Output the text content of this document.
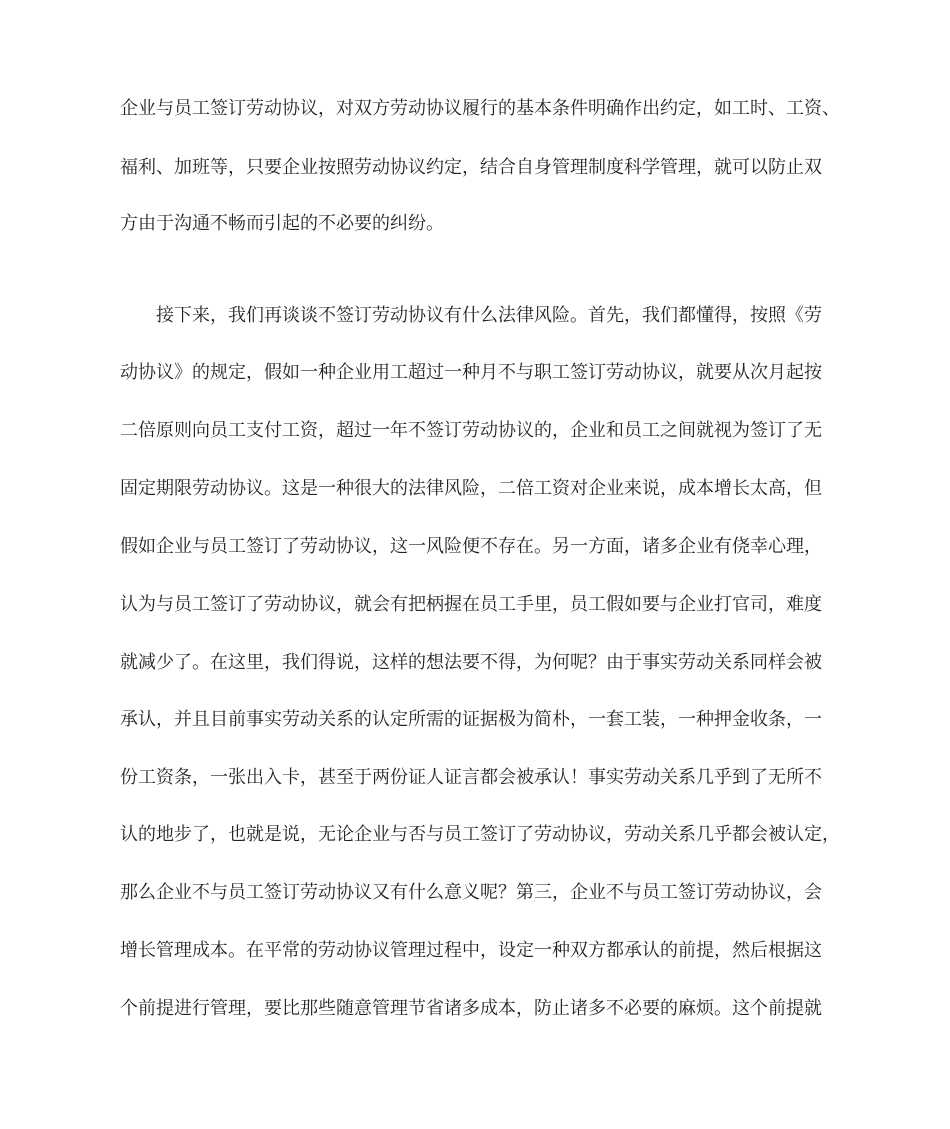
企业与员工签订劳动协议，对双方劳动协议履行的基本条件明确作出约定，如工时、工资、
福利、加班等，只要企业按照劳动协议约定，结合自身管理制度科学管理，就可以防止双
方由于沟通不畅而引起的不必要的纠纷。
接下来，我们再谈谈不签订劳动协议有什么法律风险。首先，我们都懂得，按照《劳
动协议》的规定，假如一种企业用工超过一种月不与职工签订劳动协议，就要从次月起按
二倍原则向员工支付工资，超过一年不签订劳动协议的，企业和员工之间就视为签订了无
固定期限劳动协议。这是一种很大的法律风险，二倍工资对企业来说，成本增长太高，但
假如企业与员工签订了劳动协议，这一风险便不存在。另一方面，诸多企业有侥幸心理，
认为与员工签订了劳动协议，就会有把柄握在员工手里，员工假如要与企业打官司，难度
就减少了。在这里，我们得说，这样的想法要不得，为何呢？由于事实劳动关系同样会被
承认，并且目前事实劳动关系的认定所需的证据极为简朴，一套工装，一种押金收条，一
份工资条，一张出入卡，甚至于两份证人证言都会被承认！事实劳动关系几乎到了无所不
认的地步了，也就是说，无论企业与否与员工签订了劳动协议，劳动关系几乎都会被认定，
那么企业不与员工签订劳动协议又有什么意义呢？第三，企业不与员工签订劳动协议，会
增长管理成本。在平常的劳动协议管理过程中，设定一种双方都承认的前提，然后根据这
个前提进行管理，要比那些随意管理节省诸多成本，防止诸多不必要的麻烦。这个前提就
